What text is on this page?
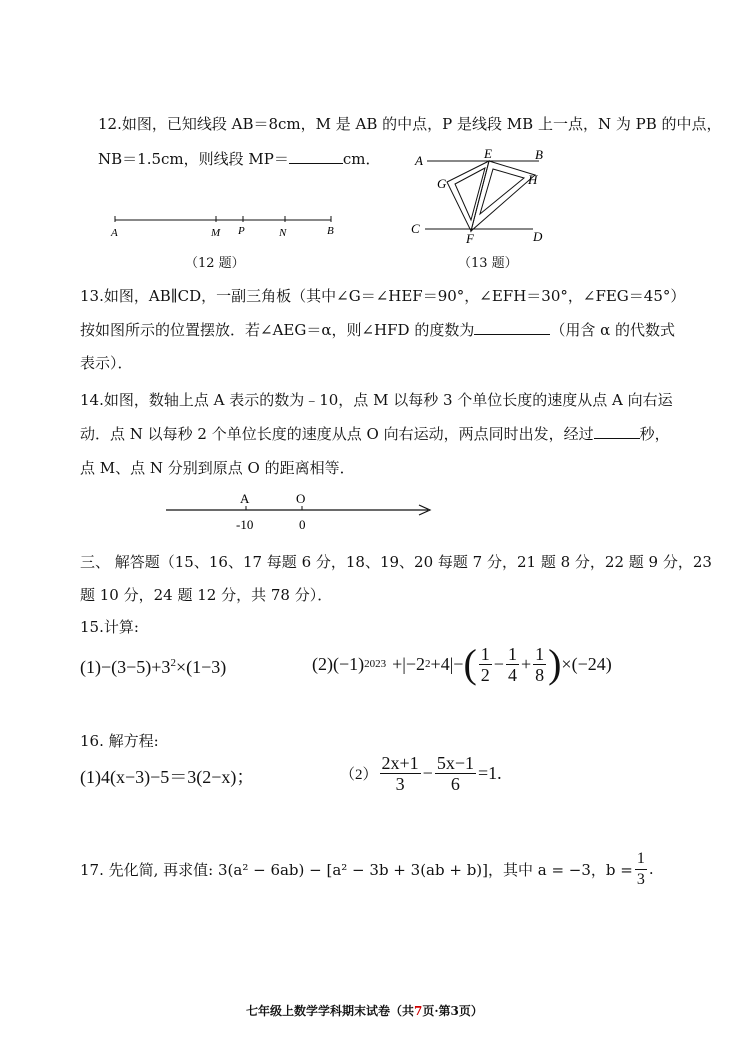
12.如图，已知线段 AB＝8cm，M 是 AB 的中点，P 是线段 MB 上一点，N 为 PB 的中点，
NB＝1.5cm，则线段 MP＝	cm．
A	M P	N	B
（12 题）
A	E	B
G	H
C
F	D
（13 题）
13.如图，AB∥CD，一副三角板（其中∠G＝∠HEF＝90°，∠EFH＝30°，∠FEG＝45°）
按如图所示的位置摆放．若∠AEG＝α，则∠HFD 的度数为	（用含 α 的代数式
表示）．
14.如图，数轴上点 A 表示的数为﹣10，点 M 以每秒 3 个单位长度的速度从点 A 向右运
动．点 N 以每秒 2 个单位长度的速度从点 O 向右运动，两点同时出发，经过	秒，
点 M、点 N 分别到原点 O 的距离相等．
A	O
-10	0
三、 解答题（15、16、17 每题 6 分，18、19、20 每题 7 分，21 题 8 分，22 题 9 分，23
题 10 分，24 题 12 分，共 78 分）．
15.计算:
$(1)-(3-5)+3^2\times(1-3)$	(2)(−1) 2023 +|−2 2 +4|− ( $\frac{1}{2} - \frac{1}{4} + \frac{1}{8}$ ) ×(−24)
16. 解方程:
(1)4(x−3)−5＝3(2−x)；	$(2) \frac{2x+1}{3} - \frac{5x-1}{6} =1$.
17. 先化简, 再求值: 3(a² − 6ab) − [a² − 3b + 3(ab + b)]，其中 a = −3，$b = \frac{1}{3}$ .
七年级上数学学科期末试卷（共7页·第3页）
